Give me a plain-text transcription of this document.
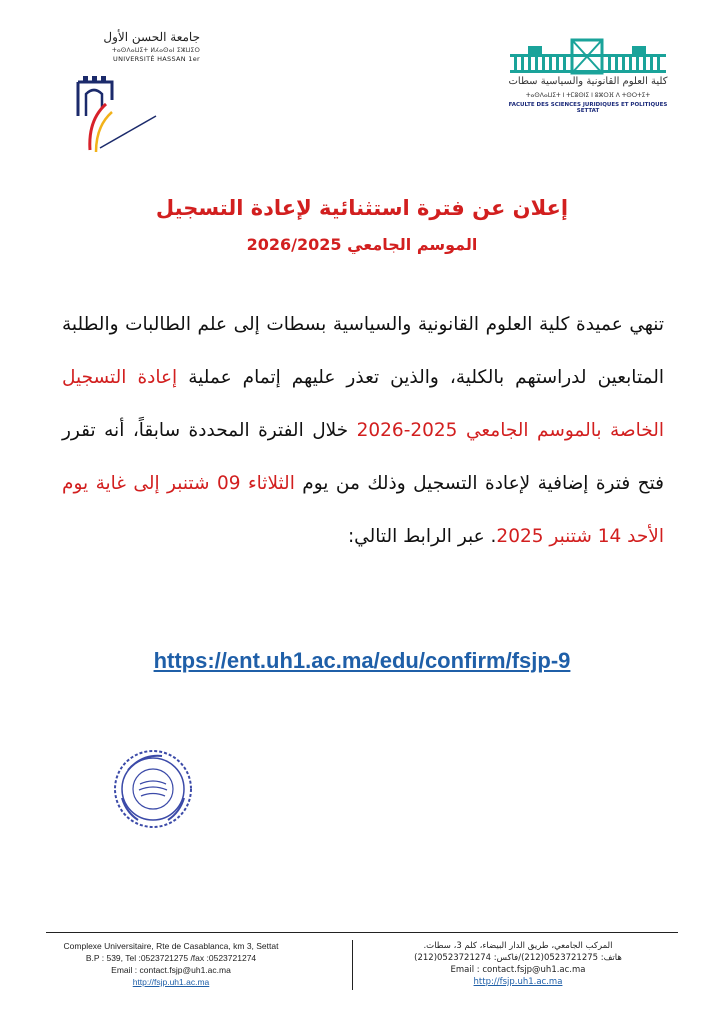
جامعة الحسن الأول
ⵜⴰⵙⴷⴰⵡⵉⵜ ⵍⵃⴰⵙⴰⵏ ⵉⵣⵡⵉⵔ
UNIVERSITÉ HASSAN 1er
كلية العلوم القانونية والسياسية سطات
ⵜⴰⵙⴷⴰⵡⵉⵜ ⵏ ⵜⵎⵓⵙⵏⵉ ⵏ ⵓⵣⵔⴼ ⴷ ⵜⵙⵔⵜⵉⵜ
FACULTE DES SCIENCES JURIDIQUES ET POLITIQUES SETTAT
إعلان عن فترة استثنائية لإعادة التسجيل
الموسم الجامعي 2026/2025
تنهي عميدة كلية العلوم القانونية والسياسية بسطات إلى علم الطالبات والطلبة المتابعين لدراستهم بالكلية، والذين تعذر عليهم إتمام عملية إعادة التسجيل الخاصة بالموسم الجامعي 2025-2026 خلال الفترة المحددة سابقاً، أنه تقرر فتح فترة إضافية لإعادة التسجيل وذلك من يوم الثلاثاء 09 شتنبر إلى غاية يوم الأحد 14 شتنبر 2025. عبر الرابط التالي:
https://ent.uh1.ac.ma/edu/confirm/fsjp-9
Complexe Universitaire, Rte de Casablanca, km 3, Settat
B.P : 539, Tel :0523721275 /fax :0523721274
Email : contact.fsjp@uh1.ac.ma
http://fsjp.uh1.ac.ma
المركب الجامعي، طريق الدار البيضاء، كلم 3، سطات.
هاتف: 0523721275(212)/فاكس: 0523721274(212)
Email : contact.fsjp@uh1.ac.ma
http://fsjp.uh1.ac.ma
